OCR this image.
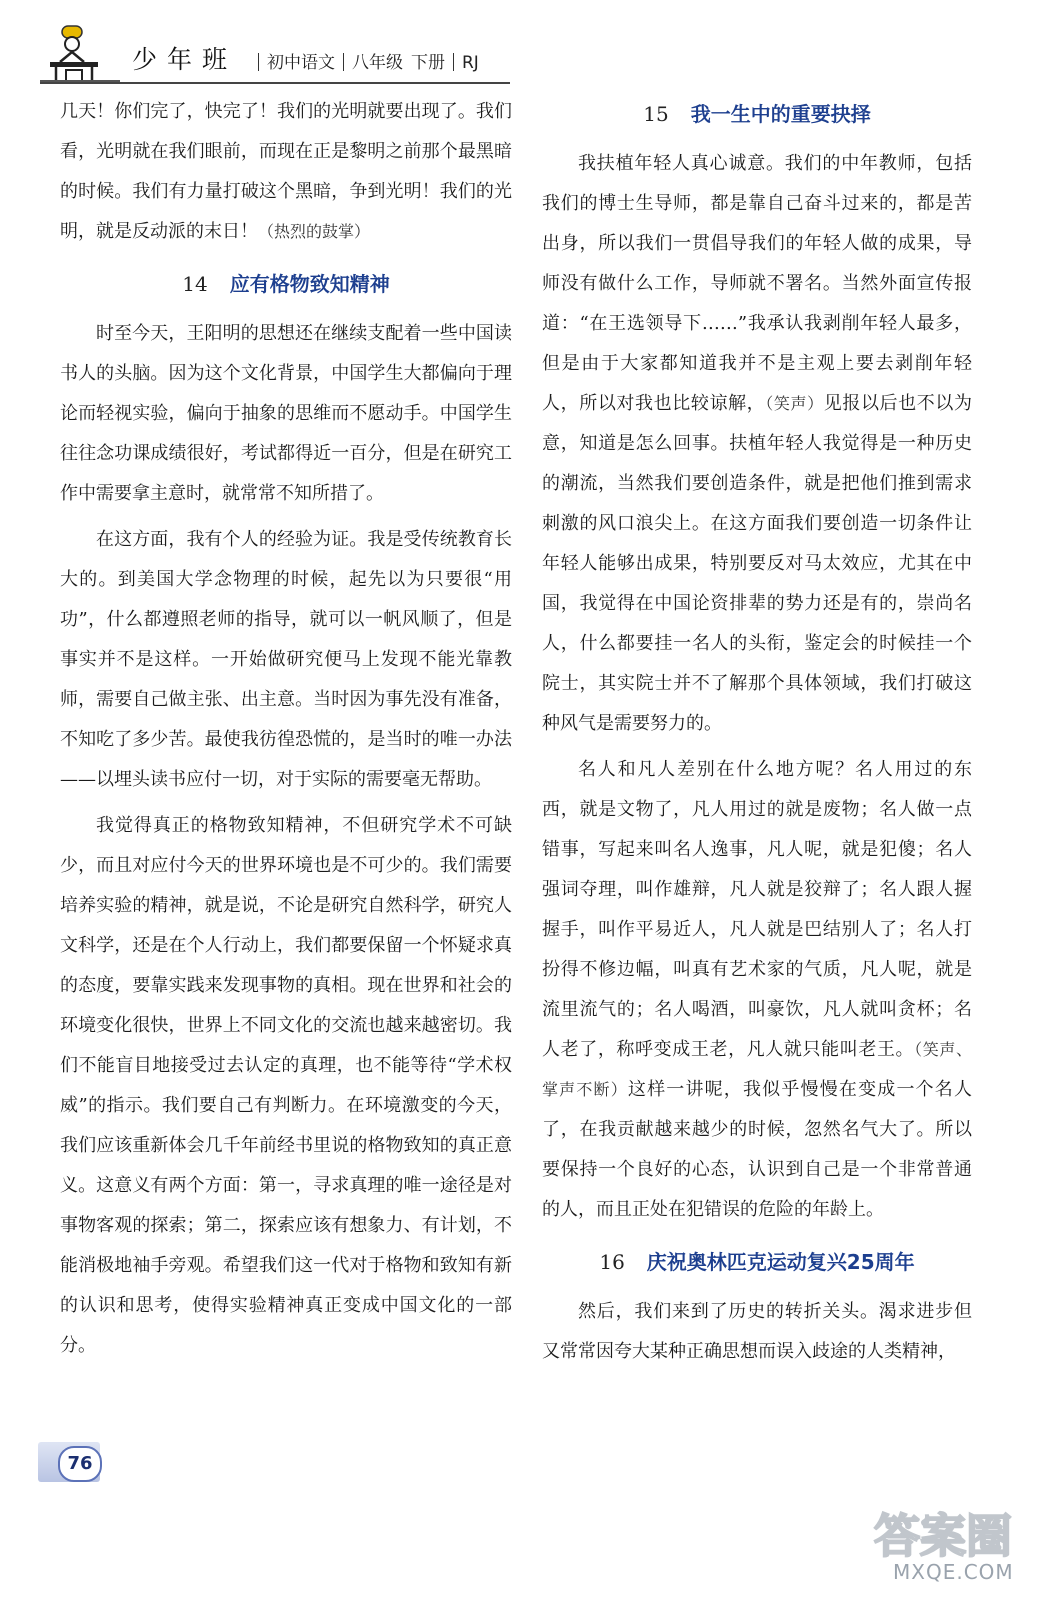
少年班	初中语文 八年级 下册 RJ

几天！你们完了，快完了！我们的光明就要出现了。我们看，光明就在我们眼前，而现在正是黎明之前那个最黑暗的时候。我们有力量打破这个黑暗，争到光明！我们的光明，就是反动派的末日！（热烈的鼓掌）

14 应有格物致知精神

时至今天，王阳明的思想还在继续支配着一些中国读书人的头脑。因为这个文化背景，中国学生大都偏向于理论而轻视实验，偏向于抽象的思维而不愿动手。中国学生往往念功课成绩很好，考试都得近一百分，但是在研究工作中需要拿主意时，就常常不知所措了。

在这方面，我有个人的经验为证。我是受传统教育长大的。到美国大学念物理的时候，起先以为只要很“用功”，什么都遵照老师的指导，就可以一帆风顺了，但是事实并不是这样。一开始做研究便马上发现不能光靠教师，需要自己做主张、出主意。当时因为事先没有准备，不知吃了多少苦。最使我彷徨恐慌的，是当时的唯一办法——以埋头读书应付一切，对于实际的需要毫无帮助。

我觉得真正的格物致知精神，不但研究学术不可缺少，而且对应付今天的世界环境也是不可少的。我们需要培养实验的精神，就是说，不论是研究自然科学，研究人文科学，还是在个人行动上，我们都要保留一个怀疑求真的态度，要靠实践来发现事物的真相。现在世界和社会的环境变化很快，世界上不同文化的交流也越来越密切。我们不能盲目地接受过去认定的真理，也不能等待“学术权威”的指示。我们要自己有判断力。在环境激变的今天，我们应该重新体会几千年前经书里说的格物致知的真正意义。这意义有两个方面：第一，寻求真理的唯一途径是对事物客观的探索；第二，探索应该有想象力、有计划，不能消极地袖手旁观。希望我们这一代对于格物和致知有新的认识和思考，使得实验精神真正变成中国文化的一部分。

15 我一生中的重要抉择

我扶植年轻人真心诚意。我们的中年教师，包括我们的博士生导师，都是靠自己奋斗过来的，都是苦出身，所以我们一贯倡导我们的年轻人做的成果，导师没有做什么工作，导师就不署名。当然外面宣传报道：“在王选领导下……”我承认我剥削年轻人最多，但是由于大家都知道我并不是主观上要去剥削年轻人，所以对我也比较谅解，（笑声）见报以后也不以为意，知道是怎么回事。扶植年轻人我觉得是一种历史的潮流，当然我们要创造条件，就是把他们推到需求刺激的风口浪尖上。在这方面我们要创造一切条件让年轻人能够出成果，特别要反对马太效应，尤其在中国，我觉得在中国论资排辈的势力还是有的，崇尚名人，什么都要挂一名人的头衔，鉴定会的时候挂一个院士，其实院士并不了解那个具体领域，我们打破这种风气是需要努力的。

名人和凡人差别在什么地方呢？名人用过的东西，就是文物了，凡人用过的就是废物；名人做一点错事，写起来叫名人逸事，凡人呢，就是犯傻；名人强词夺理，叫作雄辩，凡人就是狡辩了；名人跟人握握手，叫作平易近人，凡人就是巴结别人了；名人打扮得不修边幅，叫真有艺术家的气质，凡人呢，就是流里流气的；名人喝酒，叫豪饮，凡人就叫贪杯；名人老了，称呼变成王老，凡人就只能叫老王。（笑声、掌声不断）这样一讲呢，我似乎慢慢在变成一个名人了，在我贡献越来越少的时候，忽然名气大了。所以要保持一个良好的心态，认识到自己是一个非常普通的人，而且正处在犯错误的危险的年龄上。

16 庆祝奥林匹克运动复兴25周年

然后，我们来到了历史的转折关头。渴求进步但又常常因夸大某种正确思想而误入歧途的人类精神，

76
答案圈
MXQE.COM
